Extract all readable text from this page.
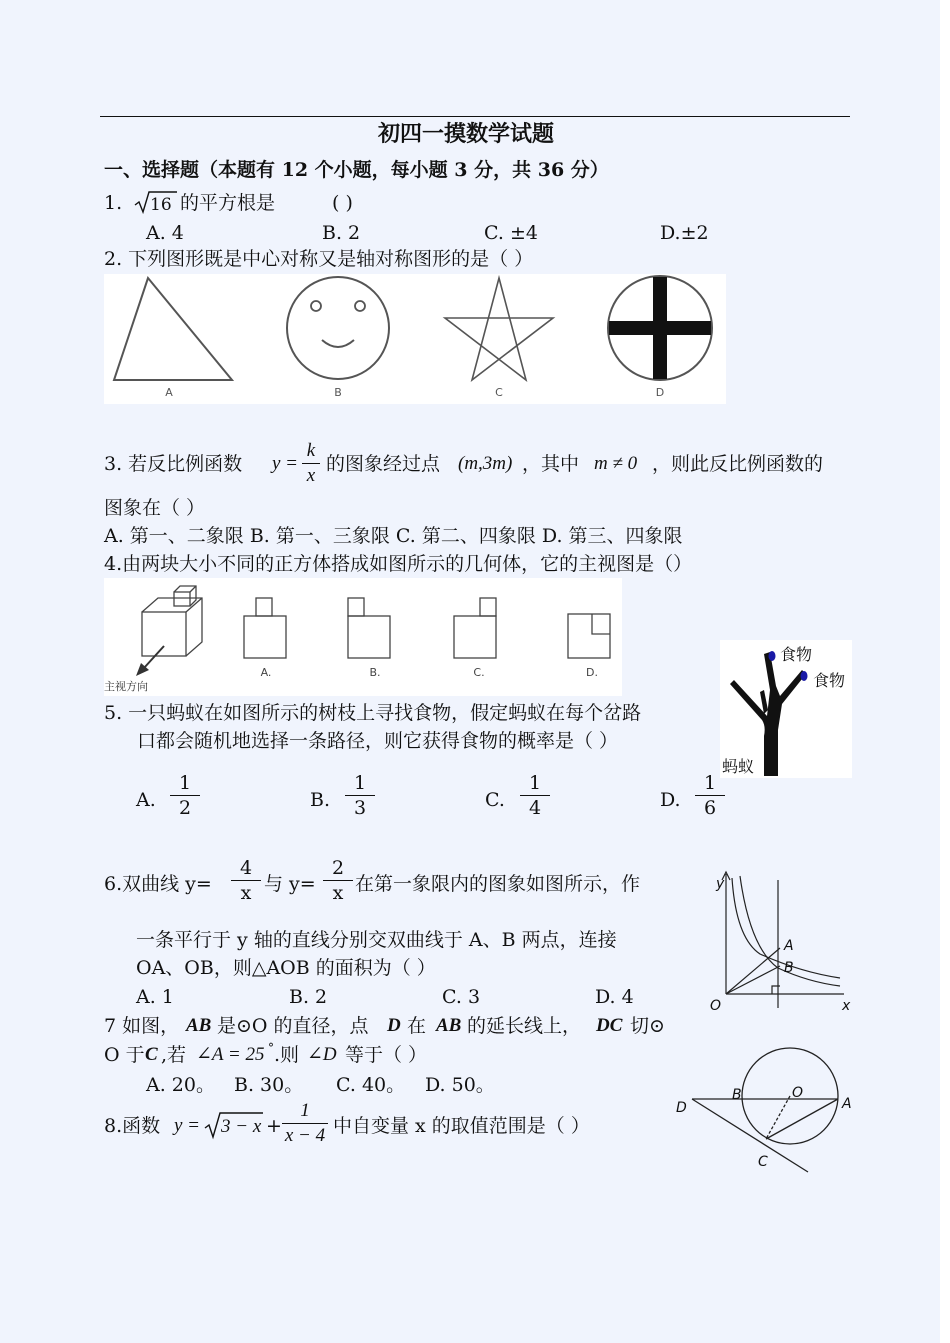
初四一摸数学试题
一、选择题（本题有 12 个小题，每小题 3 分，共 36 分）
1. 16 的平方根是	( )
A. 4	B. 2	C. ±4	D.±2
2. 下列图形既是中心对称又是轴对称图形的是（ ）
A	B	C	D
3. 若反比例函数 y =
k
x
的图象经过点 (m,3m) ，其中 m ≠ 0 ，则此反比例函数的
图象在（ ）
A. 第一、二象限 B. 第一、三象限 C. 第二、四象限 D. 第三、四象限
4.由两块大小不同的正方体搭成如图所示的几何体，它的主视图是（）
主视方向
A.	B.	C.	D.
食物
食物
蚂蚁
5. 一只蚂蚁在如图所示的树枝上寻找食物，假定蚂蚁在每个岔路
口都会随机地选择一条路径，则它获得食物的概率是（ ）
A.
1
2	B.
1
3	C.
1
4	D.
1
6
6.双曲线 y=
4
x 与 y=
2
x 在第一象限内的图象如图所示，作
一条平行于 y 轴的直线分别交双曲线于 A、B 两点，连接
OA、OB，则△AOB 的面积为（ ）
A. 1	B. 2	C. 3	D. 4
y
x
O
A
B
7 如图， AB 是⊙O 的直径，点 D 在 AB 的延长线上， DC 切⊙
O 于 C ,若 ∠A = 25 ° .则 ∠D 等于（ ）
A. 20。 B. 30。 C. 40。 D. 50。
D
B	O
A
C
8.函数 y = 3 − x +
1
x − 4 中自变量 x 的取值范围是（ ）
